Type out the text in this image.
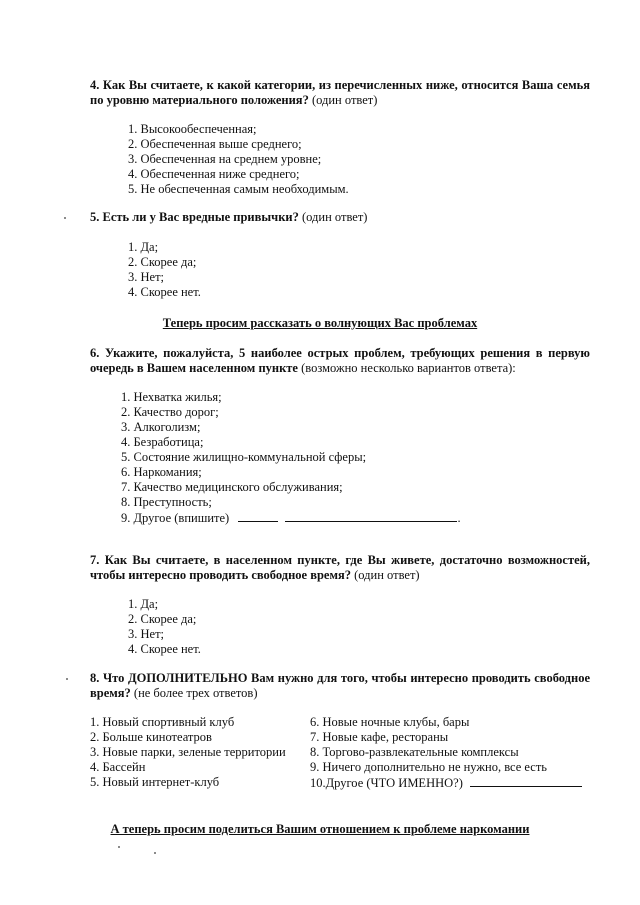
4. Как Вы считаете, к какой категории, из перечисленных ниже, относится Ваша семья по уровню материального положения? (один ответ)
1. Высокообеспеченная;
2. Обеспеченная выше среднего;
3. Обеспеченная на среднем уровне;
4. Обеспеченная ниже среднего;
5. Не обеспеченная самым необходимым.
5. Есть ли у Вас вредные привычки? (один ответ)
1. Да;
2. Скорее да;
3. Нет;
4. Скорее нет.
Теперь просим рассказать о волнующих Вас проблемах
6. Укажите, пожалуйста, 5 наиболее острых проблем, требующих решения в первую очередь в Вашем населенном пункте (возможно несколько вариантов ответа):
1. Нехватка жилья;
2. Качество дорог;
3. Алкоголизм;
4. Безработица;
5. Состояние жилищно-коммунальной сферы;
6. Наркомания;
7. Качество медицинского обслуживания;
8. Преступность;
9. Другое (впишите)	.
7. Как Вы считаете, в населенном пункте, где Вы живете, достаточно возможностей, чтобы интересно проводить свободное время? (один ответ)
1. Да;
2. Скорее да;
3. Нет;
4. Скорее нет.
8. Что ДОПОЛНИТЕЛЬНО Вам нужно для того, чтобы интересно проводить свободное время? (не более трех ответов)
1. Новый спортивный клуб
2. Больше кинотеатров
3. Новые парки, зеленые территории
4. Бассейн
5. Новый интернет-клуб
6. Новые ночные клубы, бары
7. Новые кафе, рестораны
8. Торгово-развлекательные комплексы
9. Ничего дополнительно не нужно, все есть
10.Другое (ЧТО ИМЕННО?)
А теперь просим поделиться Вашим отношением к проблеме наркомании
